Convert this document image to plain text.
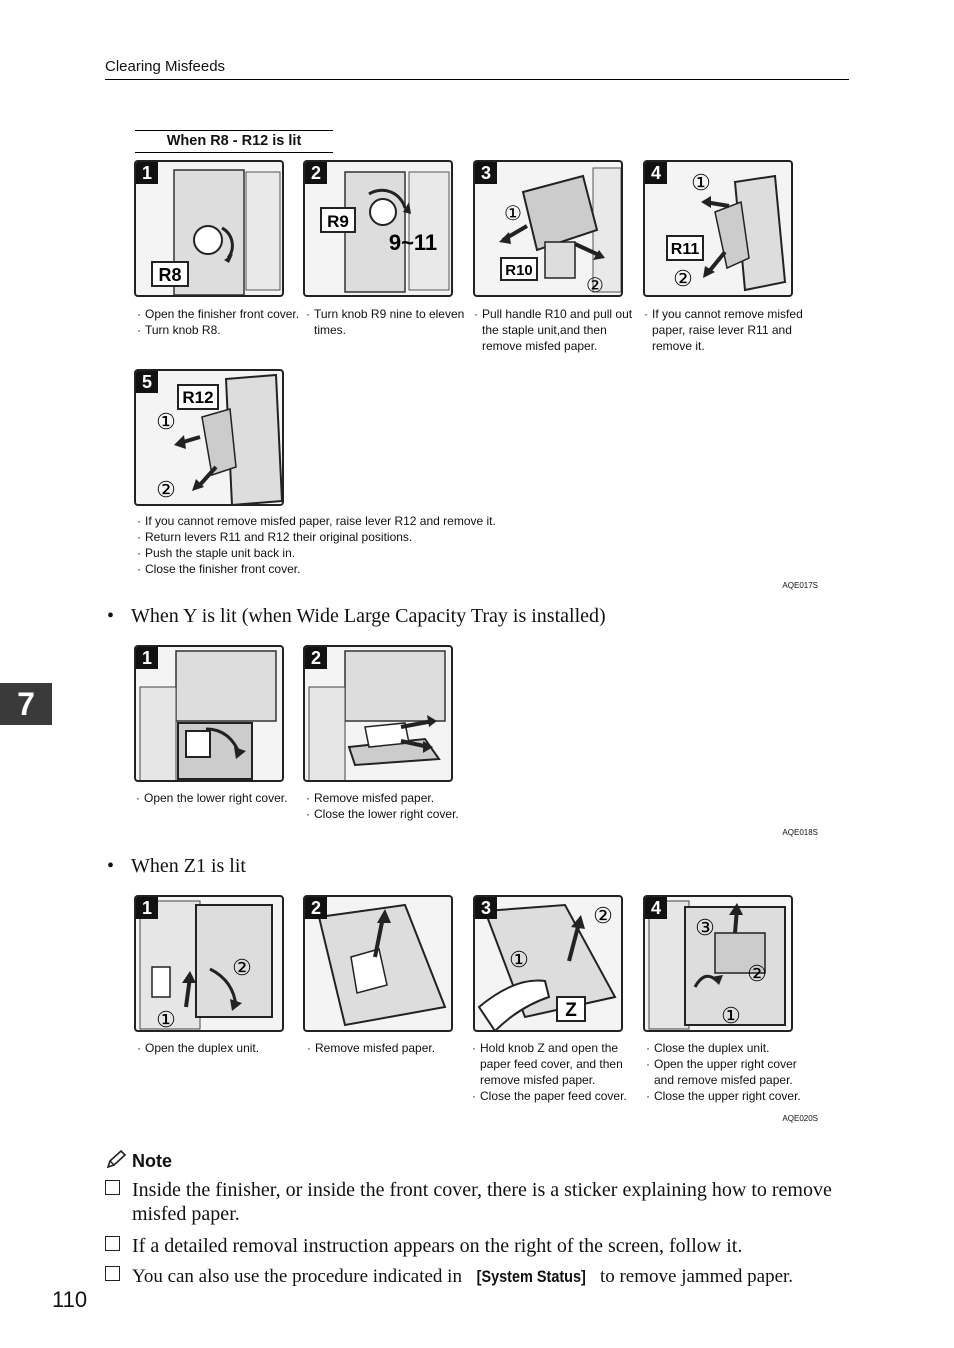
Clearing Misfeeds
7
When R8 - R12 is lit
R8
1
R9
9~11
2
①
②
R10
3	①
②
R11
4
· Open the finisher front cover.
· Turn knob R8.
· Turn knob R9 nine to eleven times.
· Pull handle R10 and pull out the staple unit,and then remove misfed paper.
· If you cannot remove misfed paper, raise lever R11 and remove it.
①
②
R12
5
· If you cannot remove misfed paper, raise lever R12 and remove it.
· Return levers R11 and R12 their original positions.
· Push the staple unit back in.
· Close the finisher front cover.
AQE017S
• When Y is lit (when Wide Large Capacity Tray is installed)
1	2
· Open the lower right cover.	· Remove misfed paper.
· Close the lower right cover.
AQE018S
• When Z1 is lit
②
①
1	2	②
①
Z
3
③
②
①
4
· Open the duplex unit.	· Remove misfed paper.	· Hold knob Z and open the paper feed cover, and then remove misfed paper.
· Close the paper feed cover.
· Close the duplex unit.
· Open the upper right cover and remove misfed paper.
· Close the upper right cover.
AQE020S
Note
Inside the finisher, or inside the front cover, there is a sticker explaining how to remove misfed paper.
If a detailed removal instruction appears on the right of the screen, follow it.
You can also use the procedure indicated in [System Status] to remove jammed paper.
110
